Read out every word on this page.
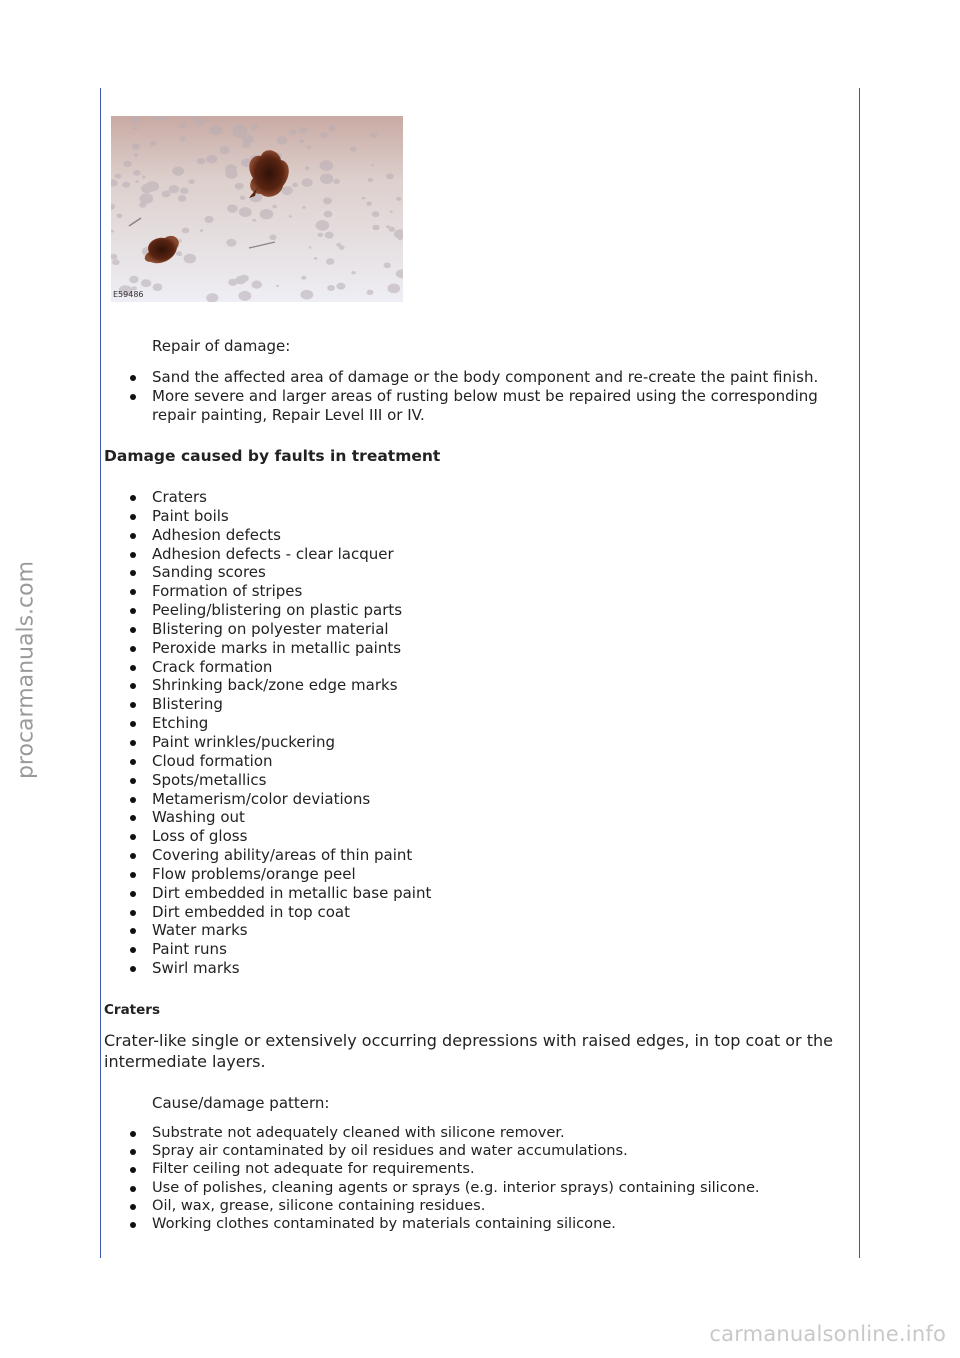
procarmanuals.com
E59486
Repair of damage:
Sand the affected area of damage or the body component and re-create the paint finish.
More severe and larger areas of rusting below must be repaired using the corresponding repair painting, Repair Level III or IV.
Damage caused by faults in treatment
Craters
Paint boils
Adhesion defects
Adhesion defects - clear lacquer
Sanding scores
Formation of stripes
Peeling/blistering on plastic parts
Blistering on polyester material
Peroxide marks in metallic paints
Crack formation
Shrinking back/zone edge marks
Blistering
Etching
Paint wrinkles/puckering
Cloud formation
Spots/metallics
Metamerism/color deviations
Washing out
Loss of gloss
Covering ability/areas of thin paint
Flow problems/orange peel
Dirt embedded in metallic base paint
Dirt embedded in top coat
Water marks
Paint runs
Swirl marks
Craters
Crater-like single or extensively occurring depressions with raised edges, in top coat or the intermediate layers.
Cause/damage pattern:
Substrate not adequately cleaned with silicone remover.
Spray air contaminated by oil residues and water accumulations.
Filter ceiling not adequate for requirements.
Use of polishes, cleaning agents or sprays (e.g. interior sprays) containing silicone.
Oil, wax, grease, silicone containing residues.
Working clothes contaminated by materials containing silicone.
carmanualsonline.info
